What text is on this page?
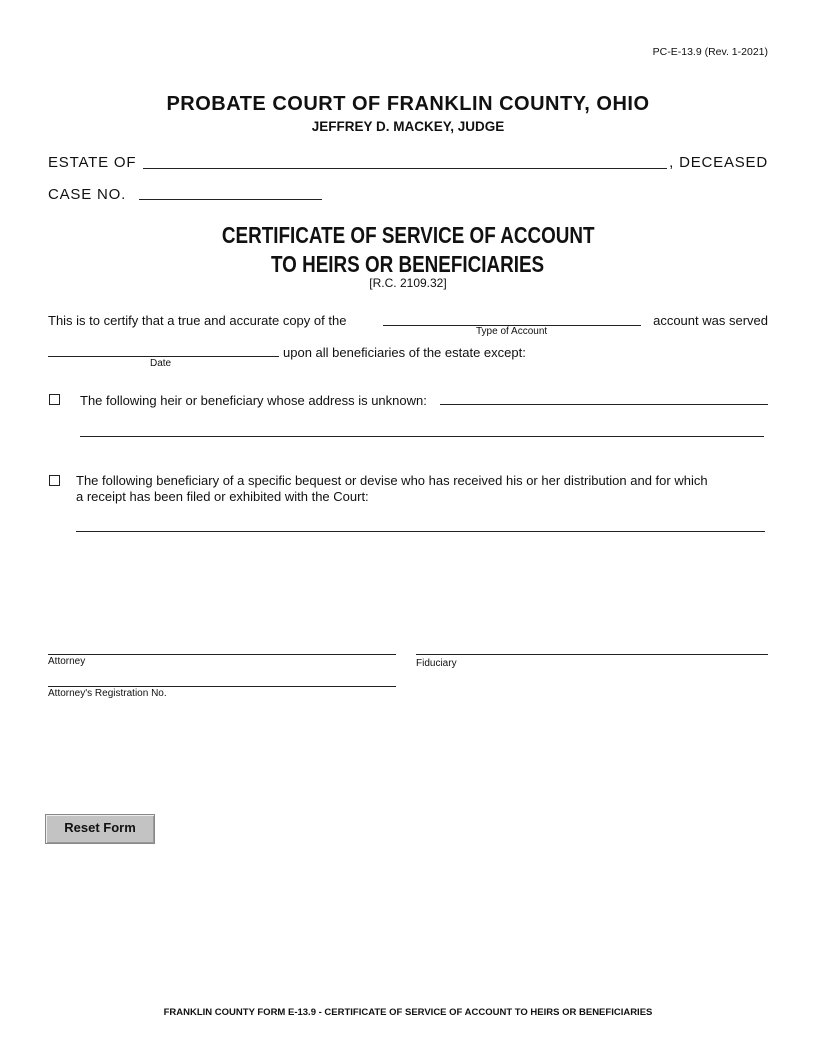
PC-E-13.9 (Rev. 1-2021)
PROBATE COURT OF FRANKLIN COUNTY, OHIO
JEFFREY D. MACKEY, JUDGE
ESTATE OF	, DECEASED
CASE NO.
CERTIFICATE OF SERVICE OF ACCOUNT
TO HEIRS OR BENEFICIARIES
[R.C. 2109.32]
This is to certify that a true and accurate copy of the
Type of Account
account was served
Date
upon all beneficiaries of the estate except:
The following heir or beneficiary whose address is unknown:
The following beneficiary of a specific bequest or devise who has received his or her distribution and for which
a receipt has been filed or exhibited with the Court:
Attorney	Fiduciary
Attorney's Registration No.
Reset Form
FRANKLIN COUNTY FORM E-13.9 - CERTIFICATE OF SERVICE OF ACCOUNT TO HEIRS OR BENEFICIARIES
